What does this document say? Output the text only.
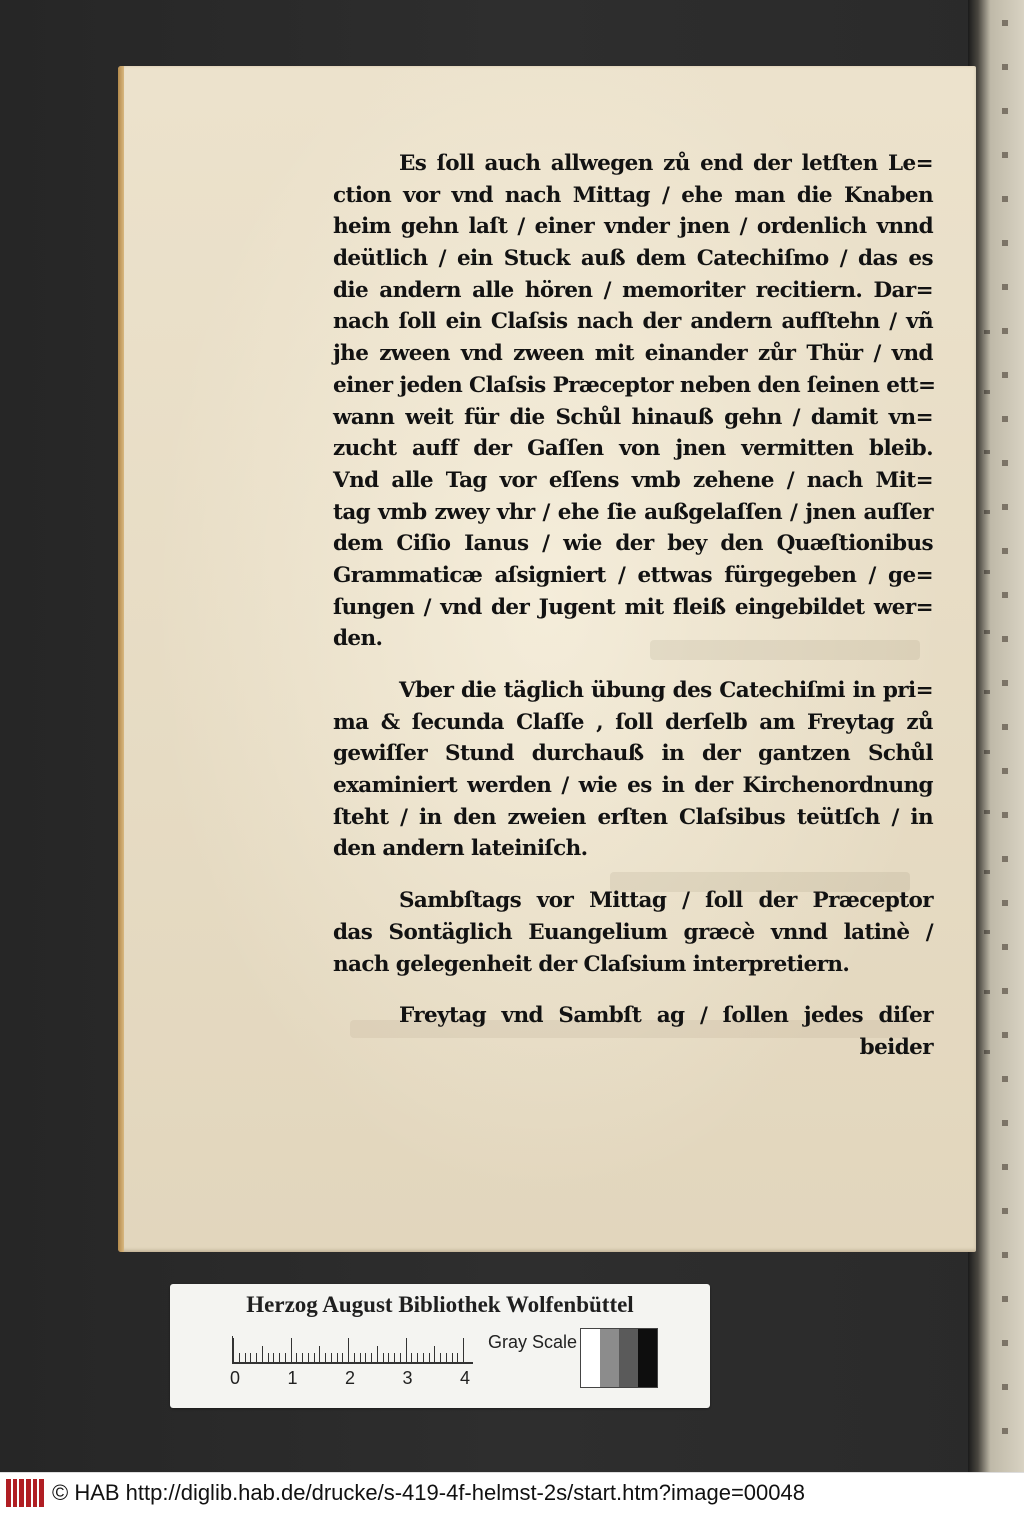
Es ſoll auch allwegen zů end der letſten Le=
ction vor vnd nach Mittag / ehe man die Knaben
heim gehn laſt / einer vnder jnen / ordenlich vnnd
deütlich / ein Stuck auß dem Catechiſmo / das es
die andern alle hören / memoriter recitiern. Dar=
nach ſoll ein Claſsis nach der andern aufſtehn / vñ
jhe zween vnd zween mit einander zůr Thür / vnd
einer jeden Claſsis Præceptor neben den ſeinen ett=
wann weit für die Schůl hinauß gehn / damit vn=
zucht auff der Gaſſen von jnen vermitten bleib.
Vnd alle Tag vor eſſens vmb zehene / nach Mit=
tag vmb zwey vhr / ehe ſie außgelaſſen / jnen auſſer
dem Ciſio Ianus / wie der bey den Quæſtionibus
Grammaticæ aſsigniert / ettwas fürgegeben / ge=
ſungen / vnd der Jugent mit fleiß eingebildet wer=
den.
Vber die täglich übung des Catechiſmi in pri=
ma & ſecunda Claſſe , ſoll derſelb am Freytag zů
gewiſſer Stund durchauß in der gantzen Schůl
examiniert werden / wie es in der Kirchenordnung
ſteht / in den zweien erſten Claſsibus teütſch / in
den andern lateiniſch.
Sambſtags vor Mittag / ſoll der Præceptor
das Sontäglich Euangelium græcè vnnd latinè /
nach gelegenheit der Claſsium interpretiern.
Freytag vnd Sambſt ag / ſollen jedes diſer
beider
Herzog August Bibliothek Wolfenbüttel
Gray Scale
0	1	2	3	4
© HAB http://diglib.hab.de/drucke/s-419-4f-helmst-2s/start.htm?image=00048
